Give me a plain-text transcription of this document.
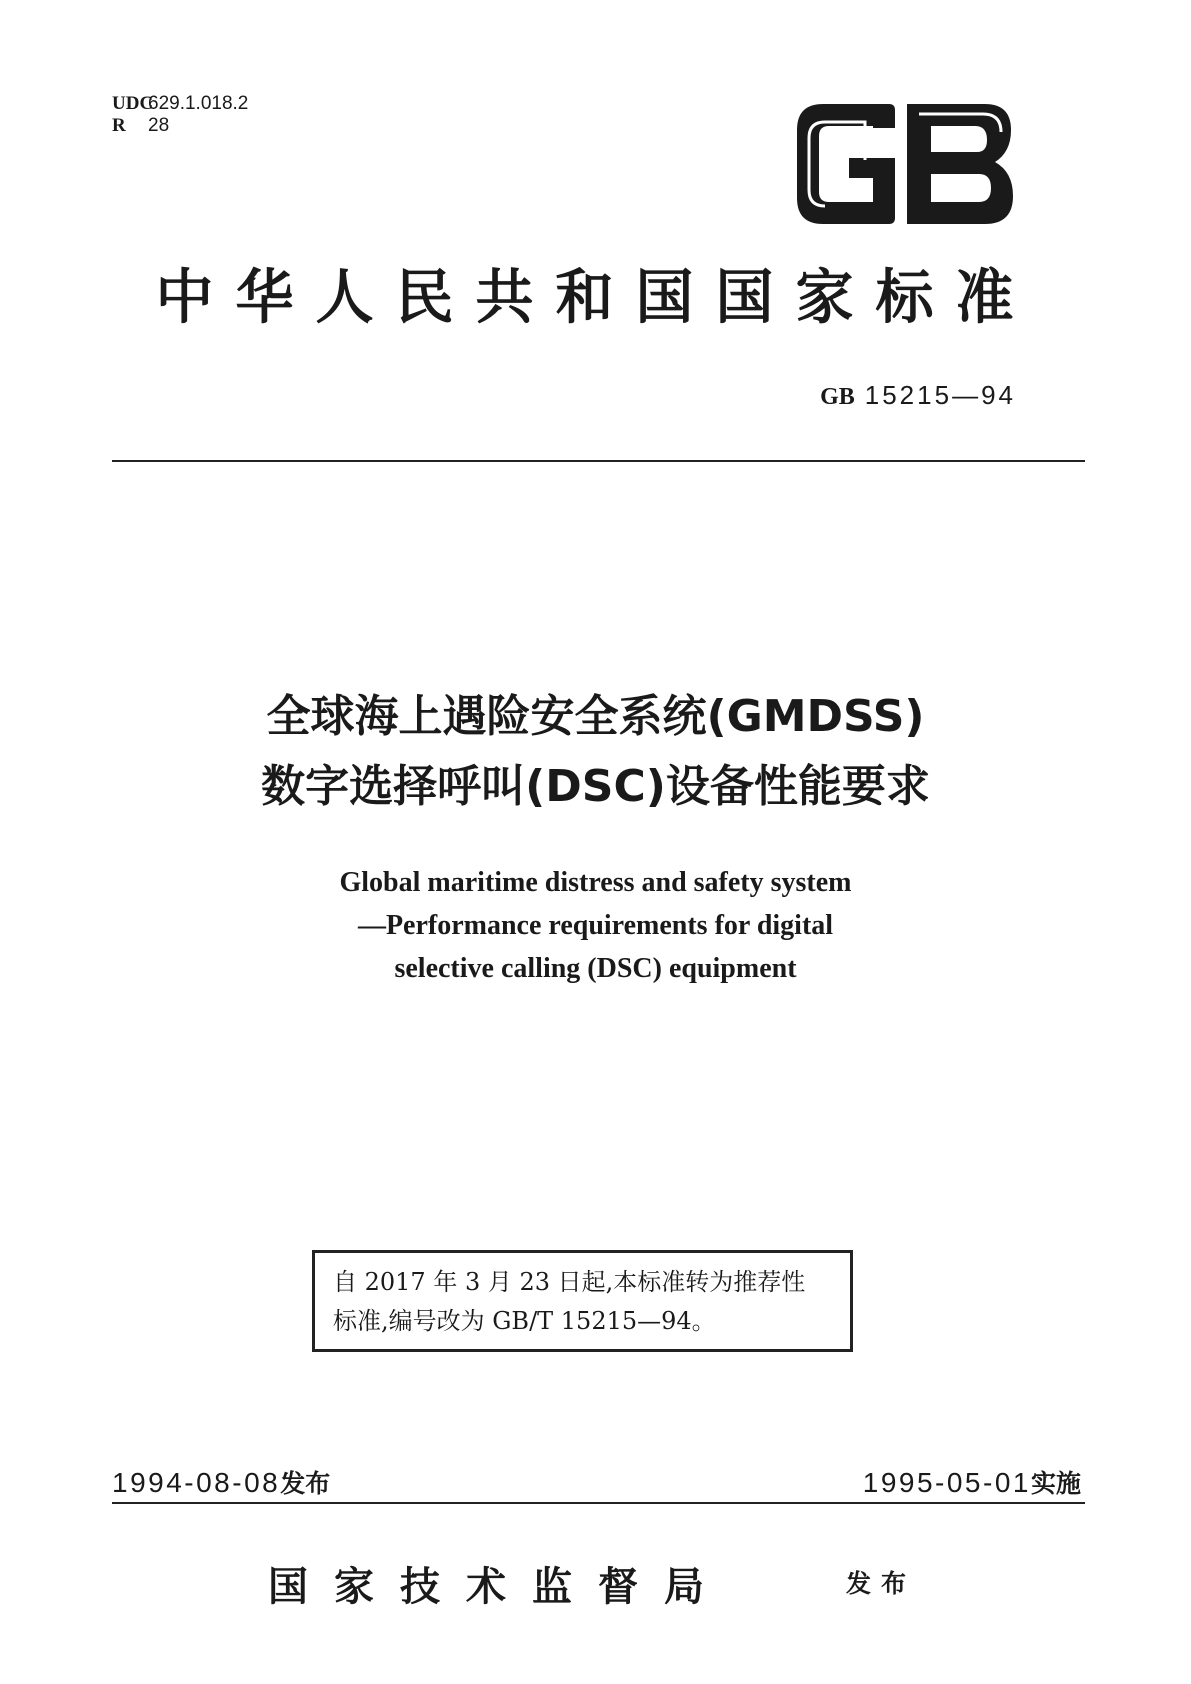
UDC629.1.018.2
R 28
中华人民共和国国家标准
GB 15215—94
全球海上遇险安全系统(GMDSS)
数字选择呼叫(DSC)设备性能要求
Global maritime distress and safety system
—Performance requirements for digital
selective calling (DSC) equipment
自 2017 年 3 月 23 日起,本标准转为推荐性
标准,编号改为 GB/T 15215—94。
1994-08-08发布	1995-05-01实施
国家技术监督局	发布
